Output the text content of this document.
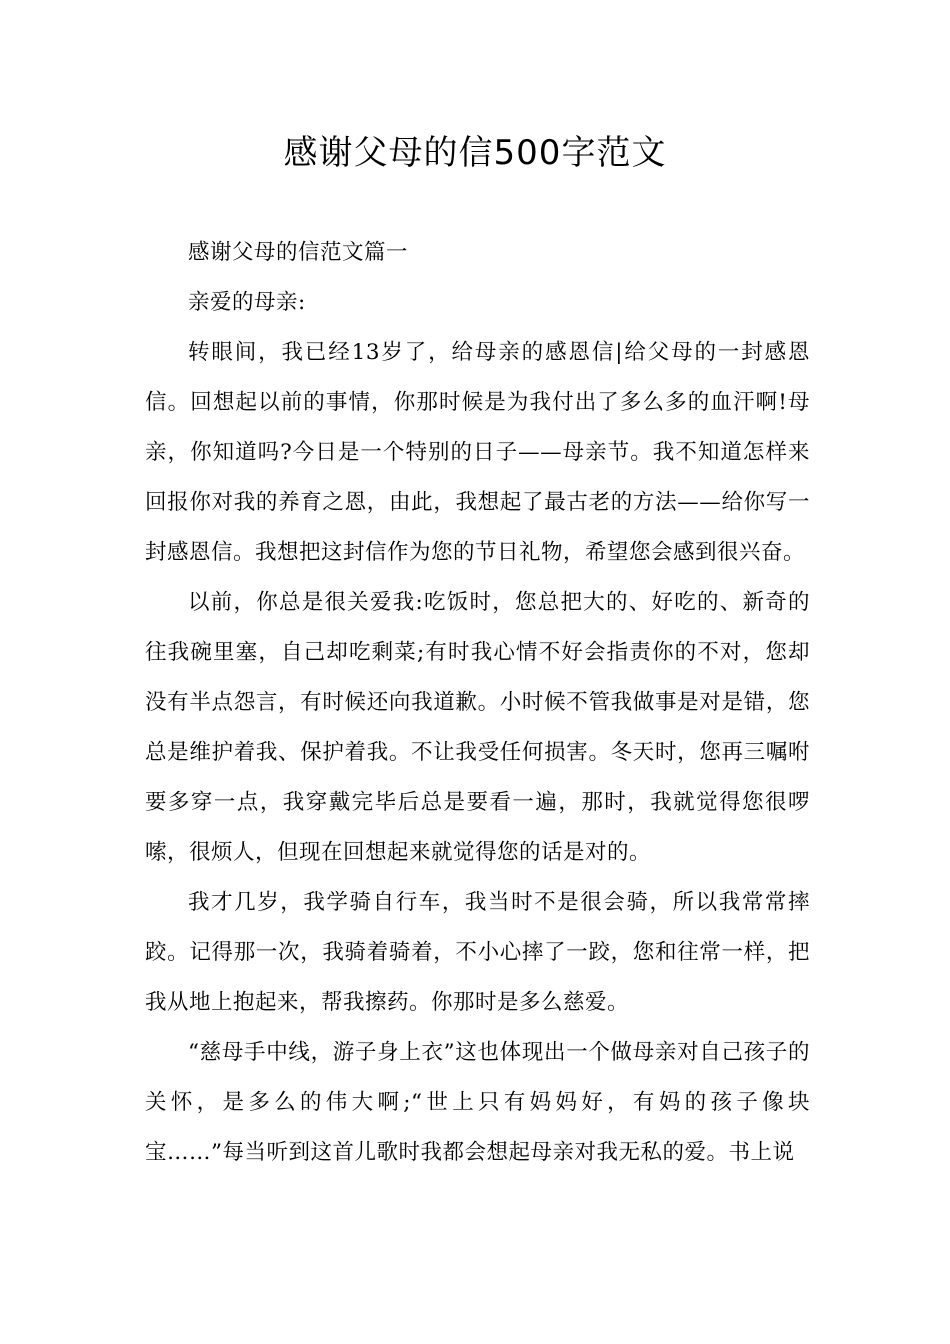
感谢父母的信500字范文

感谢父母的信范文篇一

亲爱的母亲:

转眼间，我已经13岁了，给母亲的感恩信|给父母的一封感恩信。回想起以前的事情，你那时候是为我付出了多么多的血汗啊!母亲，你知道吗?今日是一个特别的日子——母亲节。我不知道怎样来回报你对我的养育之恩，由此，我想起了最古老的方法——给你写一封感恩信。我想把这封信作为您的节日礼物，希望您会感到很兴奋。

以前，你总是很关爱我:吃饭时，您总把大的、好吃的、新奇的往我碗里塞，自己却吃剩菜;有时我心情不好会指责你的不对，您却没有半点怨言，有时候还向我道歉。小时候不管我做事是对是错，您总是维护着我、保护着我。不让我受任何损害。冬天时，您再三嘱咐要多穿一点，我穿戴完毕后总是要看一遍，那时，我就觉得您很啰嗦，很烦人，但现在回想起来就觉得您的话是对的。

我才几岁，我学骑自行车，我当时不是很会骑，所以我常常摔跤。记得那一次，我骑着骑着，不小心摔了一跤，您和往常一样，把我从地上抱起来，帮我擦药。你那时是多么慈爱。

“慈母手中线，游子身上衣”这也体现出一个做母亲对自己孩子的关怀，是多么的伟大啊;“世上只有妈妈好，有妈的孩子像块宝……”每当听到这首儿歌时我都会想起母亲对我无私的爱。书上说
